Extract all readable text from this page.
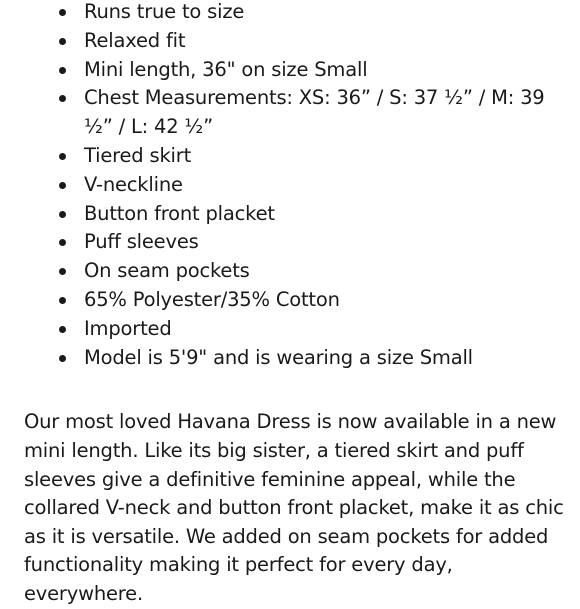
Runs true to size
Relaxed fit
Mini length, 36" on size Small
Chest Measurements: XS: 36” / S: 37 ½” / M: 39 ½” / L: 42 ½”
Tiered skirt
V-neckline
Button front placket
Puff sleeves
On seam pockets
65% Polyester/35% Cotton
Imported
Model is 5'9" and is wearing a size Small

Our most loved Havana Dress is now available in a new mini length. Like its big sister, a tiered skirt and puff sleeves give a definitive feminine appeal, while the collared V-neck and button front placket, make it as chic as it is versatile. We added on seam pockets for added functionality making it perfect for every day, everywhere.
